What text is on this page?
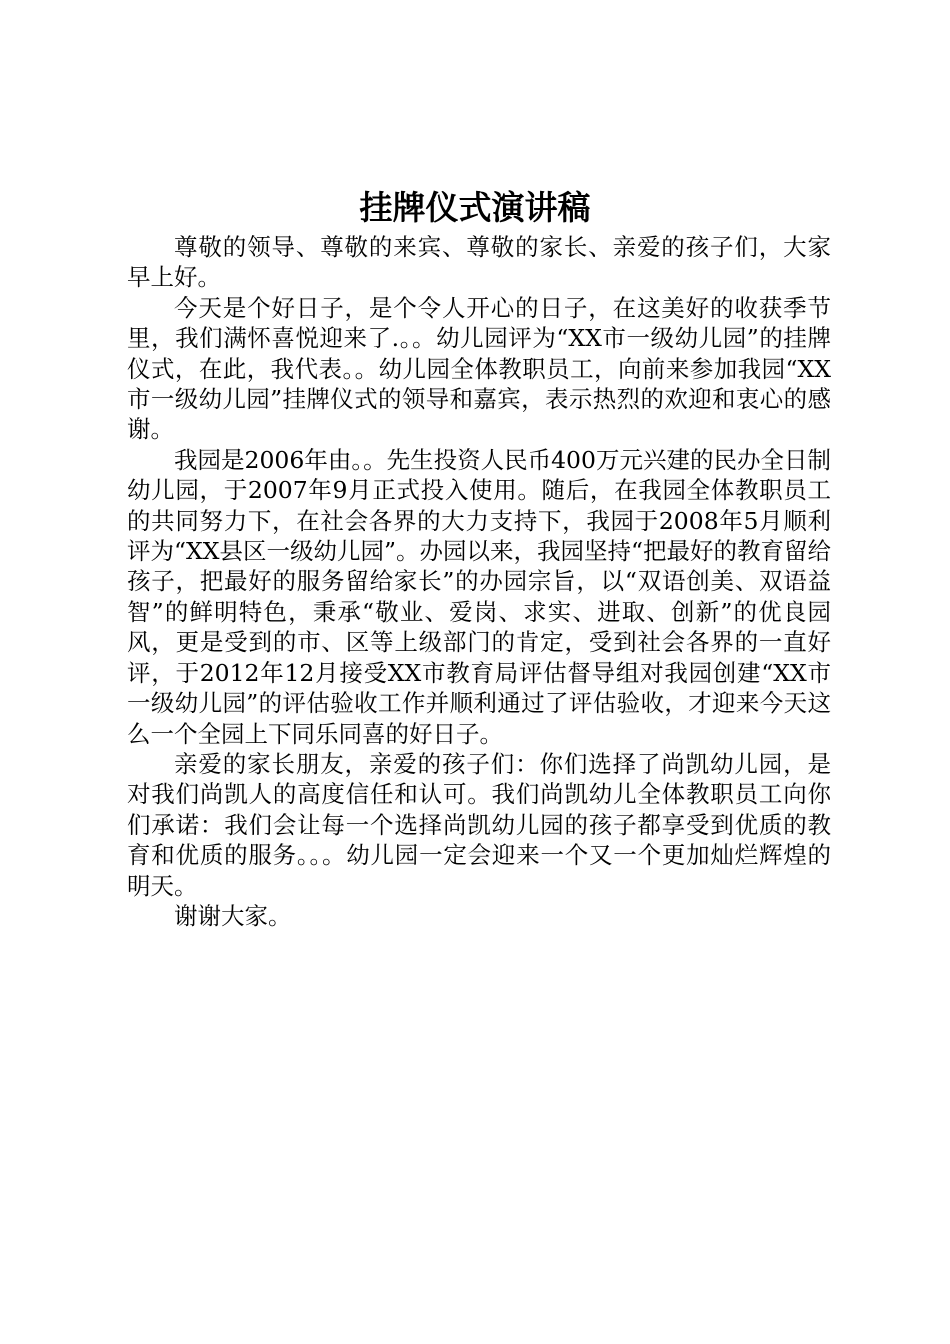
挂牌仪式演讲稿

尊敬的领导、尊敬的来宾、尊敬的家长、亲爱的孩子们，大家早上好。

今天是个好日子，是个令人开心的日子，在这美好的收获季节里，我们满怀喜悦迎来了.。。幼儿园评为“XX市一级幼儿园”的挂牌仪式，在此，我代表。。幼儿园全体教职员工，向前来参加我园“XX市一级幼儿园”挂牌仪式的领导和嘉宾，表示热烈的欢迎和衷心的感谢。

我园是2006年由。。先生投资人民币400万元兴建的民办全日制幼儿园，于2007年9月正式投入使用。随后，在我园全体教职员工的共同努力下，在社会各界的大力支持下，我园于2008年5月顺利评为“XX县区一级幼儿园”。办园以来，我园坚持“把最好的教育留给孩子，把最好的服务留给家长”的办园宗旨，以“双语创美、双语益智”的鲜明特色，秉承“敬业、爱岗、求实、进取、创新”的优良园风，更是受到的市、区等上级部门的肯定，受到社会各界的一直好评，于2012年12月接受XX市教育局评估督导组对我园创建“XX市一级幼儿园”的评估验收工作并顺利通过了评估验收，才迎来今天这么一个全园上下同乐同喜的好日子。

亲爱的家长朋友，亲爱的孩子们：你们选择了尚凯幼儿园，是对我们尚凯人的高度信任和认可。我们尚凯幼儿全体教职员工向你们承诺：我们会让每一个选择尚凯幼儿园的孩子都享受到优质的教育和优质的服务。。。幼儿园一定会迎来一个又一个更加灿烂辉煌的明天。

谢谢大家。
